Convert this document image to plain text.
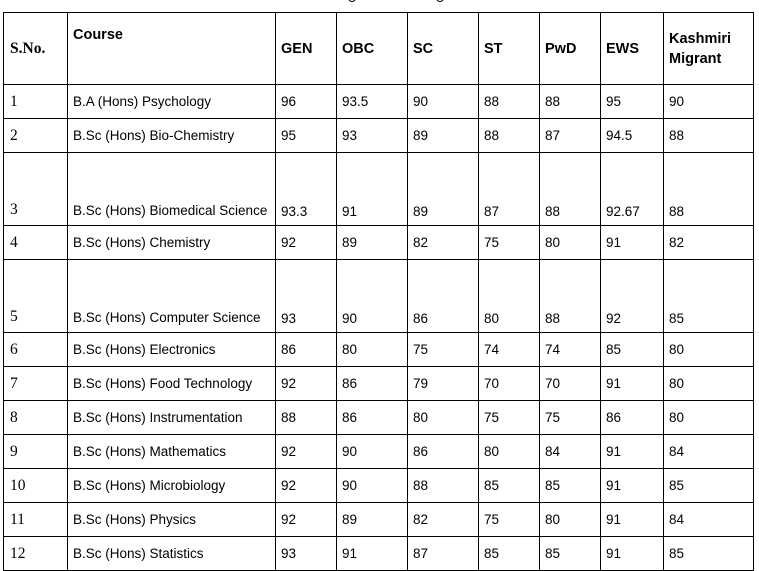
S.No.	Course	GEN	OBC	SC	ST	PwD	EWS	Kashmiri Migrant
1	B.A (Hons) Psychology	96	93.5	90	88	88	95	90
2	B.Sc (Hons) Bio-Chemistry	95	93	89	88	87	94.5	88
3	B.Sc (Hons) Biomedical Science	93.3	91	89	87	88	92.67	88
4	B.Sc (Hons) Chemistry	92	89	82	75	80	91	82
5	B.Sc (Hons) Computer Science	93	90	86	80	88	92	85
6	B.Sc (Hons) Electronics	86	80	75	74	74	85	80
7	B.Sc (Hons) Food Technology	92	86	79	70	70	91	80
8	B.Sc (Hons) Instrumentation	88	86	80	75	75	86	80
9	B.Sc (Hons) Mathematics	92	90	86	80	84	91	84
10	B.Sc (Hons) Microbiology	92	90	88	85	85	91	85
11	B.Sc (Hons) Physics	92	89	82	75	80	91	84
12	B.Sc (Hons) Statistics	93	91	87	85	85	91	85
